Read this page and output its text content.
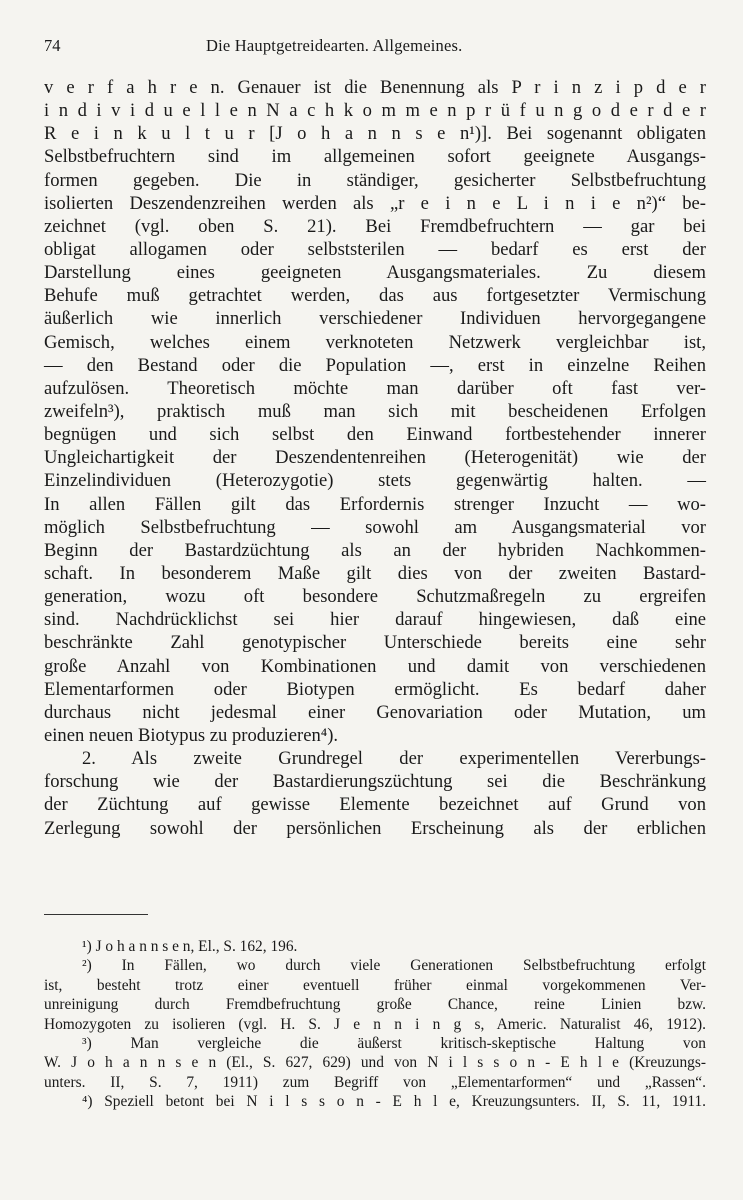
74	Die Hauptgetreidearten. Allgemeines.
v e r f a h r e n. Genauer ist die Benennung als P r i n z i p d e r
i n d i v i d u e l l e n N a c h k o m m e n p r ü f u n g o d e r d e r
R e i n k u l t u r [J o h a n n s e n¹)]. Bei sogenannt obligaten
Selbstbefruchtern sind im allgemeinen sofort geeignete Ausgangs-
formen gegeben. Die in ständiger, gesicherter Selbstbefruchtung
isolierten Deszendenzreihen werden als „r e i n e L i n i e n²)“ be-
zeichnet (vgl. oben S. 21). Bei Fremdbefruchtern — gar bei
obligat allogamen oder selbststerilen — bedarf es erst der
Darstellung eines geeigneten Ausgangsmateriales. Zu diesem
Behufe muß getrachtet werden, das aus fortgesetzter Vermischung
äußerlich wie innerlich verschiedener Individuen hervorgegangene
Gemisch, welches einem verknoteten Netzwerk vergleichbar ist,
— den Bestand oder die Population —, erst in einzelne Reihen
aufzulösen. Theoretisch möchte man darüber oft fast ver-
zweifeln³), praktisch muß man sich mit bescheidenen Erfolgen
begnügen und sich selbst den Einwand fortbestehender innerer
Ungleichartigkeit der Deszendentenreihen (Heterogenität) wie der
Einzelindividuen (Heterozygotie) stets gegenwärtig halten. —
In allen Fällen gilt das Erfordernis strenger Inzucht — wo-
möglich Selbstbefruchtung — sowohl am Ausgangsmaterial vor
Beginn der Bastardzüchtung als an der hybriden Nachkommen-
schaft. In besonderem Maße gilt dies von der zweiten Bastard-
generation, wozu oft besondere Schutzmaßregeln zu ergreifen
sind. Nachdrücklichst sei hier darauf hingewiesen, daß eine
beschränkte Zahl genotypischer Unterschiede bereits eine sehr
große Anzahl von Kombinationen und damit von verschiedenen
Elementarformen oder Biotypen ermöglicht. Es bedarf daher
durchaus nicht jedesmal einer Genovariation oder Mutation, um
einen neuen Biotypus zu produzieren⁴).
2. Als zweite Grundregel der experimentellen Vererbungs-
forschung wie der Bastardierungszüchtung sei die Beschränkung
der Züchtung auf gewisse Elemente bezeichnet auf Grund von
Zerlegung sowohl der persönlichen Erscheinung als der erblichen
¹) J o h a n n s e n, El., S. 162, 196.
²) In Fällen, wo durch viele Generationen Selbstbefruchtung erfolgt
ist, besteht trotz einer eventuell früher einmal vorgekommenen Ver-
unreinigung durch Fremdbefruchtung große Chance, reine Linien bzw.
Homozygoten zu isolieren (vgl. H. S. J e n n i n g s, Americ. Naturalist 46, 1912).
³) Man vergleiche die äußerst kritisch-skeptische Haltung von
W. J o h a n n s e n (El., S. 627, 629) und von N i l s s o n - E h l e (Kreuzungs-
unters. II, S. 7, 1911) zum Begriff von „Elementarformen“ und „Rassen“.
⁴) Speziell betont bei N i l s s o n - E h l e, Kreuzungsunters. II, S. 11, 1911.
